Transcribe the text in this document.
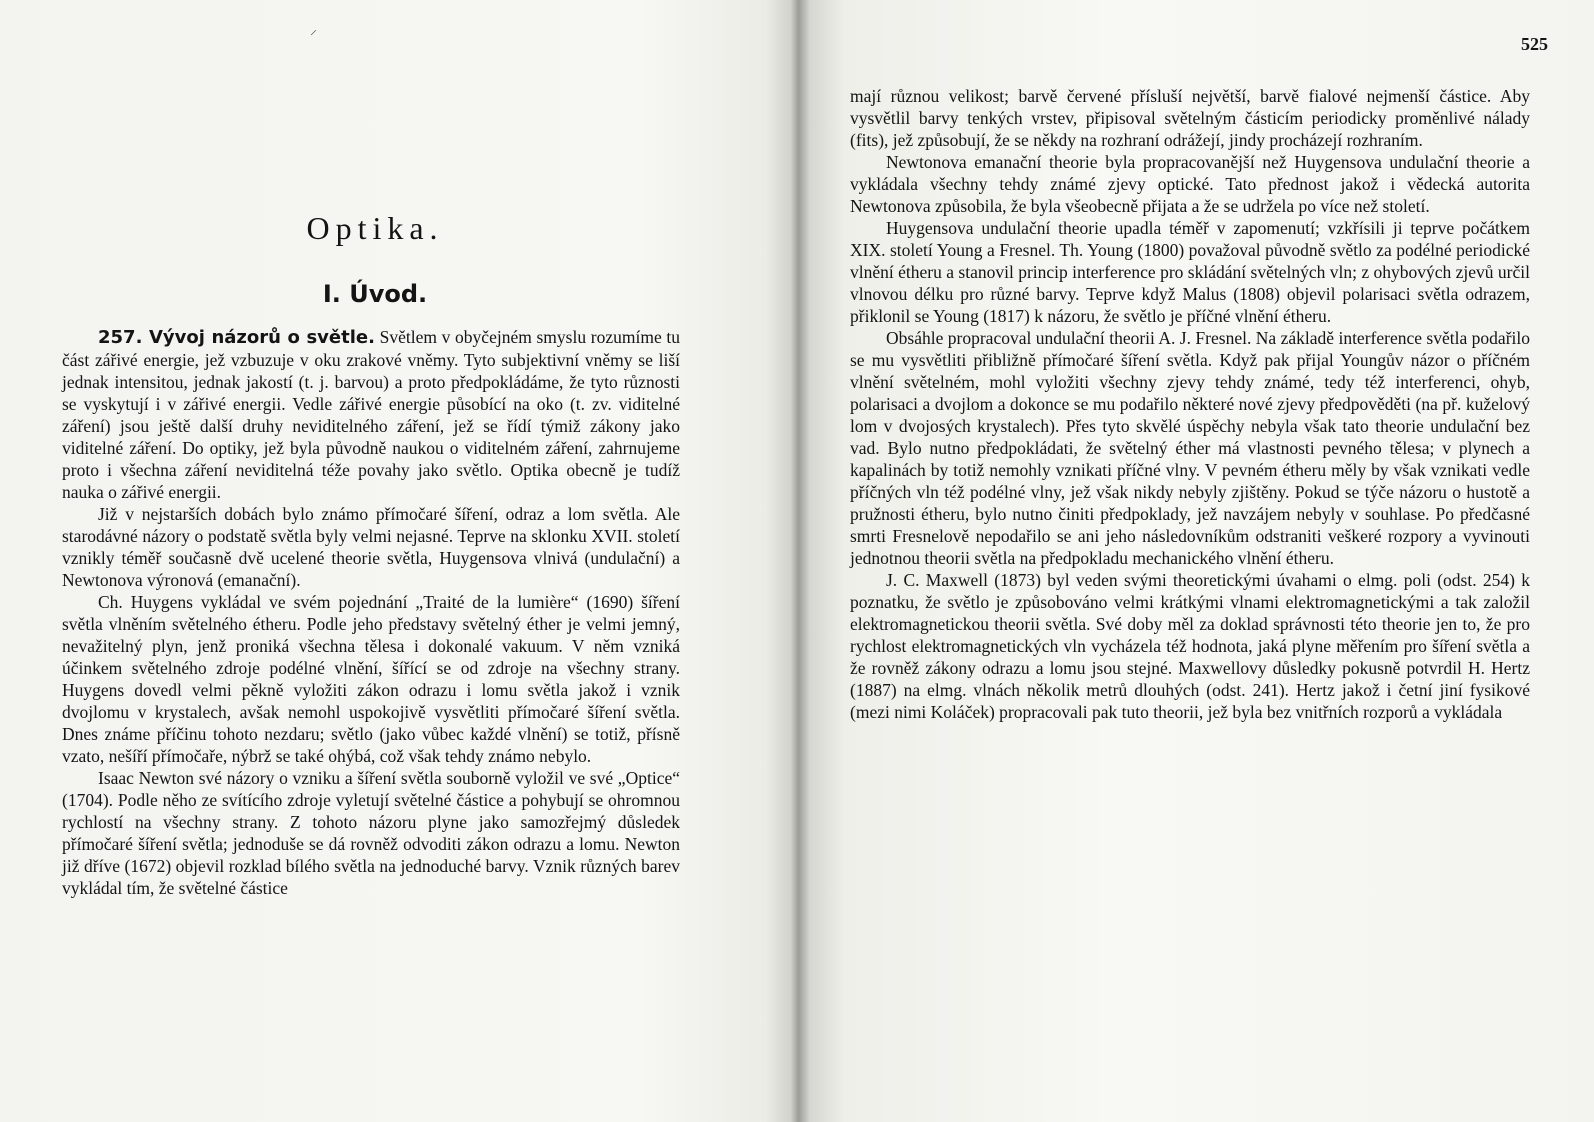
⸍
Optika.
I. Úvod.

257. Vývoj názorů o světle. Světlem v obyčejném smyslu rozumíme tu část zářivé energie, jež vzbuzuje v oku zrakové vněmy. Tyto subjektivní vněmy se liší jednak intensitou, jednak jakostí (t. j. barvou) a proto předpokládáme, že tyto různosti se vyskytují i v zářivé energii. Vedle zářivé energie působící na oko (t. zv. viditelné záření) jsou ještě další druhy neviditelného záření, jež se řídí týmiž zákony jako viditelné záření. Do optiky, jež byla původně naukou o viditelném záření, zahrnujeme proto i všechna záření neviditelná téže povahy jako světlo. Optika obecně je tudíž nauka o zářivé energii.

Již v nejstarších dobách bylo známo přímočaré šíření, odraz a lom světla. Ale starodávné názory o podstatě světla byly velmi nejasné. Teprve na sklonku XVII. století vznikly téměř současně dvě ucelené theorie světla, Huygensova vlnivá (undulační) a Newtonova výronová (emanační).

Ch. Huygens vykládal ve svém pojednání „Traité de la lumière“ (1690) šíření světla vlněním světelného étheru. Podle jeho představy světelný éther je velmi jemný, nevažitelný plyn, jenž proniká všechna tělesa i dokonalé vakuum. V něm vzniká účinkem světelného zdroje podélné vlnění, šířící se od zdroje na všechny strany. Huygens dovedl velmi pěkně vyložiti zákon odrazu i lomu světla jakož i vznik dvojlomu v krystalech, avšak nemohl uspokojivě vysvětliti přímočaré šíření světla. Dnes známe příčinu tohoto nezdaru; světlo (jako vůbec každé vlnění) se totiž, přísně vzato, nešíří přímočaře, nýbrž se také ohýbá, což však tehdy známo nebylo.

Isaac Newton své názory o vzniku a šíření světla souborně vyložil ve své „Optice“ (1704). Podle něho ze svítícího zdroje vyletují světelné částice a pohybují se ohromnou rychlostí na všechny strany. Z tohoto názoru plyne jako samozřejmý důsledek přímočaré šíření světla; jednoduše se dá rovněž odvoditi zákon odrazu a lomu. Newton již dříve (1672) objevil rozklad bílého světla na jednoduché barvy. Vznik různých barev vykládal tím, že světelné částice

525

mají různou velikost; barvě červené přísluší největší, barvě fialové nejmenší částice. Aby vysvětlil barvy tenkých vrstev, připisoval světelným částicím periodicky proměnlivé nálady (fits), jež způsobují, že se někdy na rozhraní odrážejí, jindy procházejí rozhraním.

Newtonova emanační theorie byla propracovanější než Huygensova undulační theorie a vykládala všechny tehdy známé zjevy optické. Tato přednost jakož i vědecká autorita Newtonova způsobila, že byla všeobecně přijata a že se udržela po více než století.

Huygensova undulační theorie upadla téměř v zapomenutí; vzkřísili ji teprve počátkem XIX. století Young a Fresnel. Th. Young (1800) považoval původně světlo za podélné periodické vlnění étheru a stanovil princip interference pro skládání světelných vln; z ohybových zjevů určil vlnovou délku pro různé barvy. Teprve když Malus (1808) objevil polarisaci světla odrazem, přiklonil se Young (1817) k názoru, že světlo je příčné vlnění étheru.

Obsáhle propracoval undulační theorii A. J. Fresnel. Na základě interference světla podařilo se mu vysvětliti přibližně přímočaré šíření světla. Když pak přijal Youngův názor o příčném vlnění světelném, mohl vyložiti všechny zjevy tehdy známé, tedy též interferenci, ohyb, polarisaci a dvojlom a dokonce se mu podařilo některé nové zjevy předpověděti (na př. kuželový lom v dvojosých krystalech). Přes tyto skvělé úspěchy nebyla však tato theorie undulační bez vad. Bylo nutno předpokládati, že světelný éther má vlastnosti pevného tělesa; v plynech a kapalinách by totiž nemohly vznikati příčné vlny. V pevném étheru měly by však vznikati vedle příčných vln též podélné vlny, jež však nikdy nebyly zjištěny. Pokud se týče názoru o hustotě a pružnosti étheru, bylo nutno činiti předpoklady, jež navzájem nebyly v souhlase. Po předčasné smrti Fresnelově nepodařilo se ani jeho následovníkům odstraniti veškeré rozpory a vyvinouti jednotnou theorii světla na předpokladu mechanického vlnění étheru.

J. C. Maxwell (1873) byl veden svými theoretickými úvahami o elmg. poli (odst. 254) k poznatku, že světlo je způsobováno velmi krátkými vlnami elektromagnetickými a tak založil elektromagnetickou theorii světla. Své doby měl za doklad správnosti této theorie jen to, že pro rychlost elektromagnetických vln vycházela též hodnota, jaká plyne měřením pro šíření světla a že rovněž zákony odrazu a lomu jsou stejné. Maxwellovy důsledky pokusně potvrdil H. Hertz (1887) na elmg. vlnách několik metrů dlouhých (odst. 241). Hertz jakož i četní jiní fysikové (mezi nimi Koláček) propracovali pak tuto theorii, jež byla bez vnitřních rozporů a vykládala
